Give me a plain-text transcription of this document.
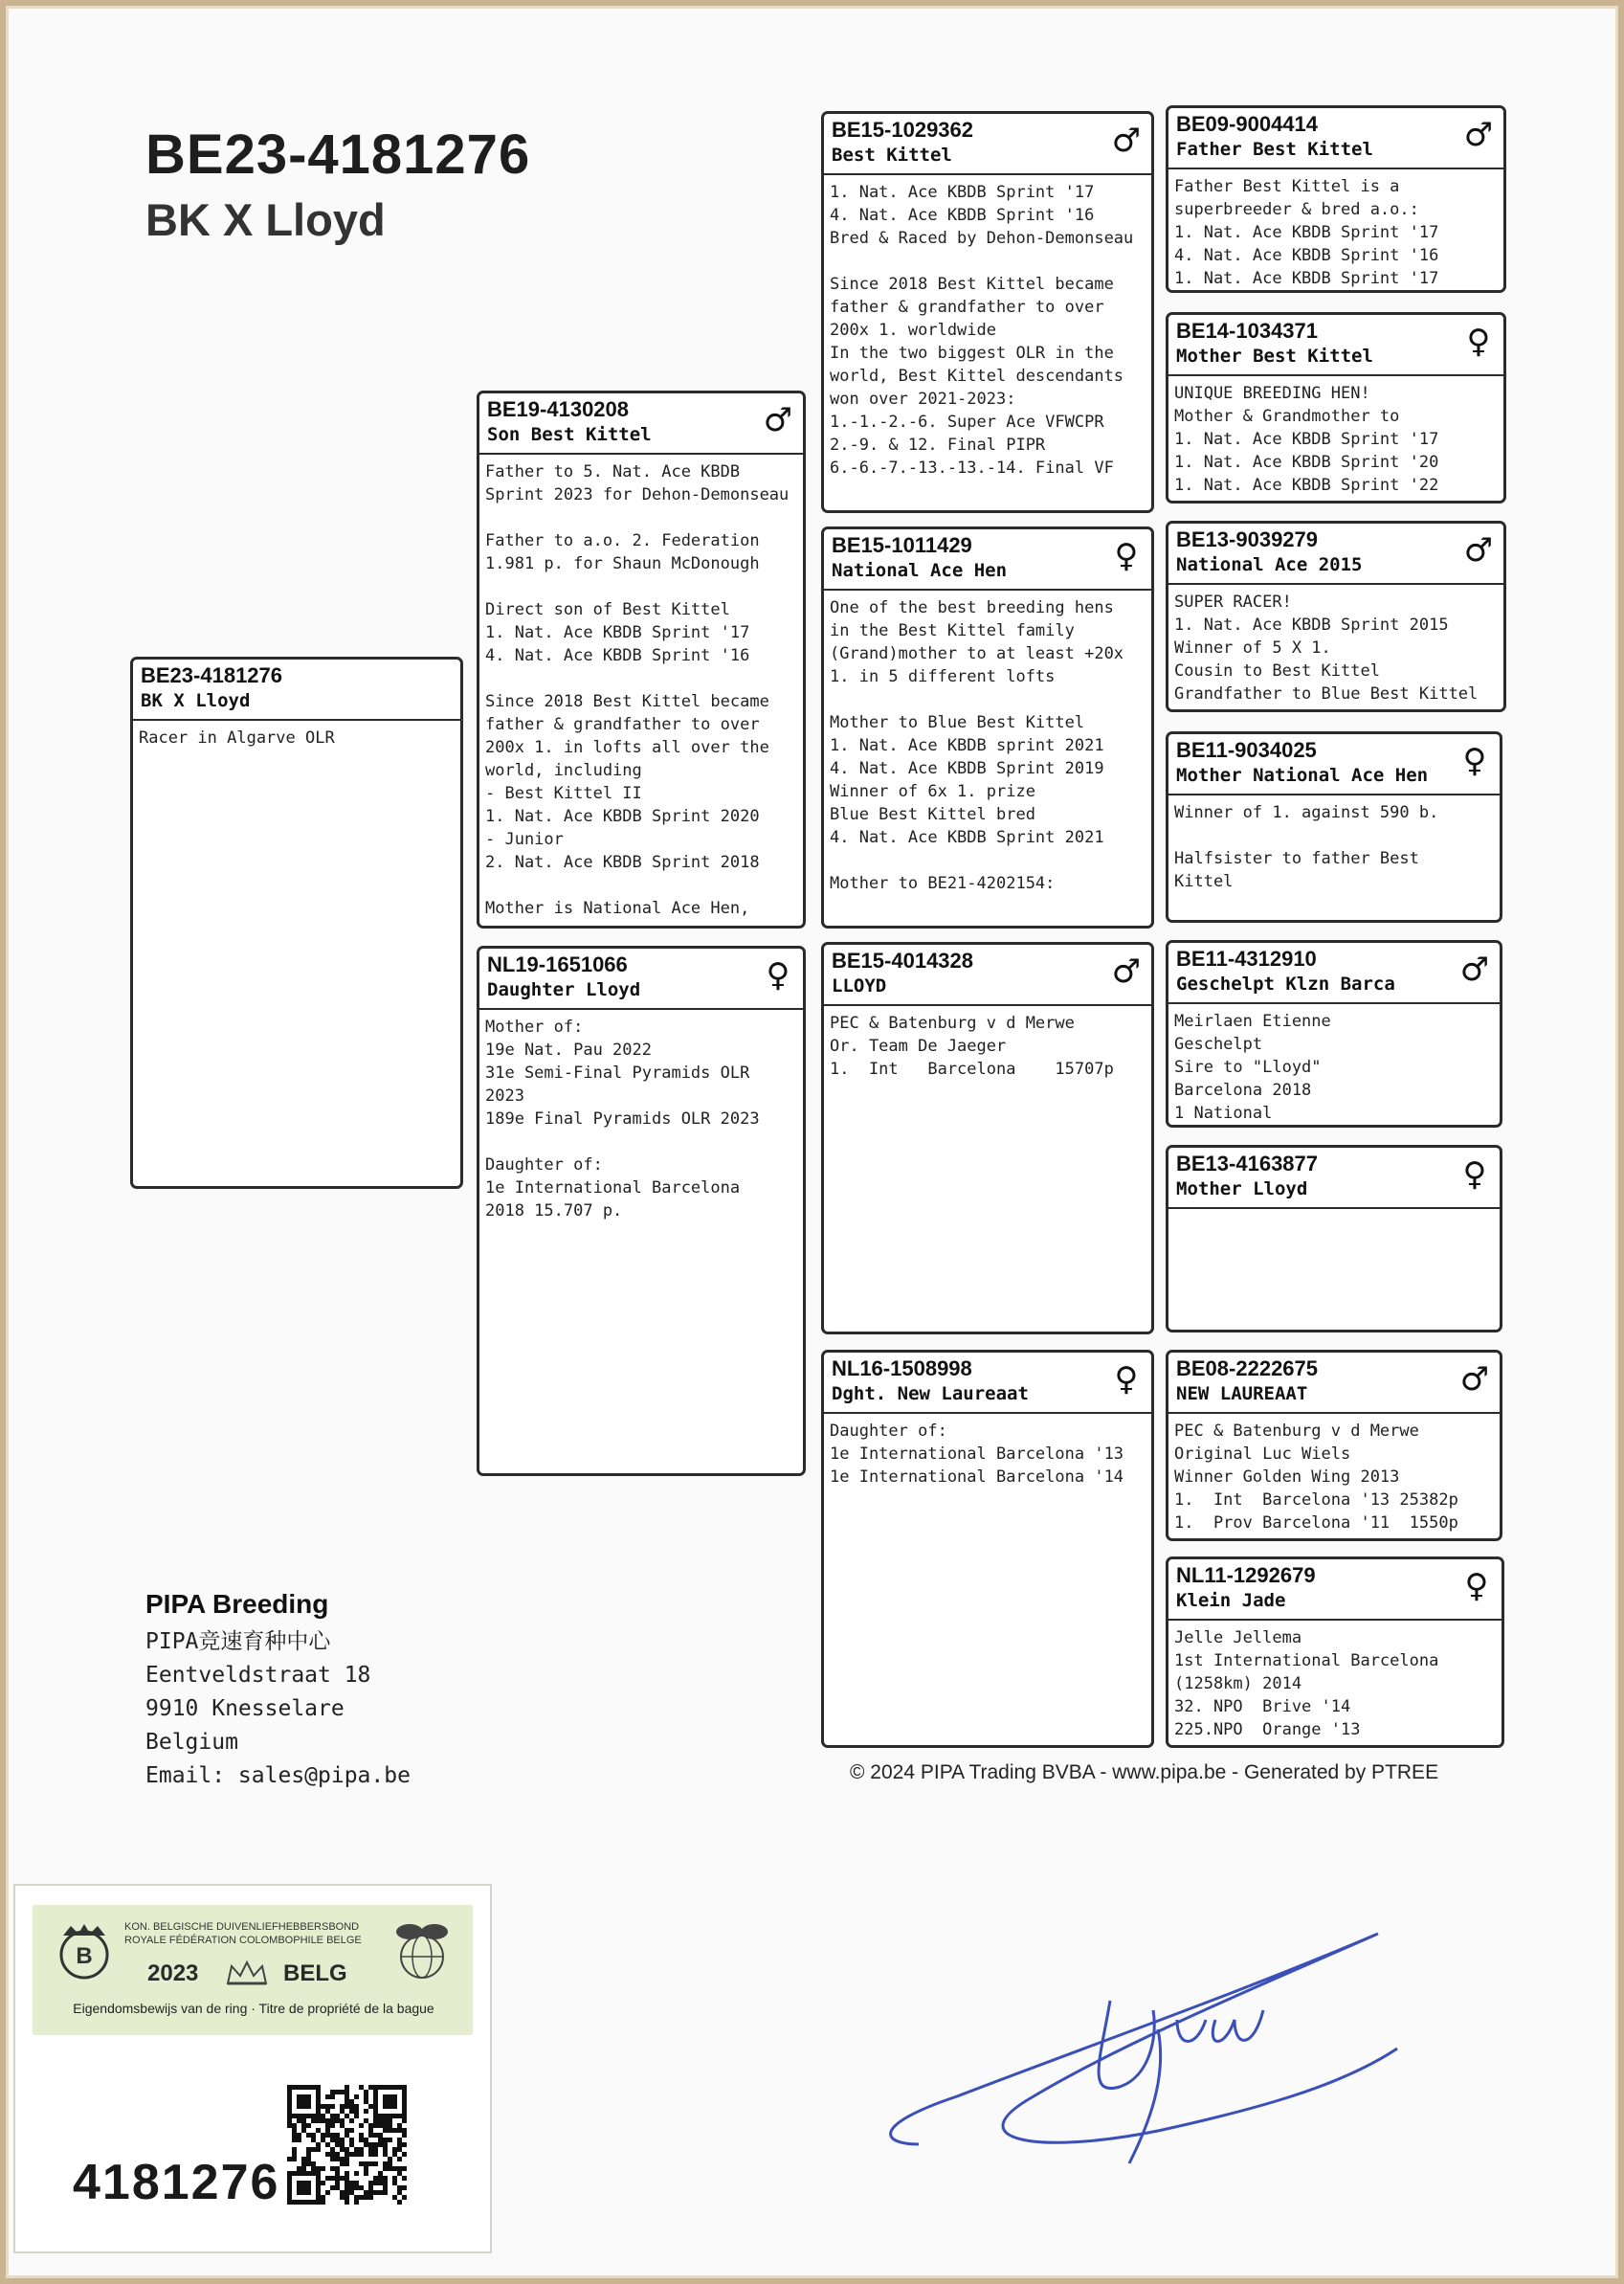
BE23-4181276
BK X Lloyd
BE23-4181276
BK X Lloyd
Racer in Algarve OLR
BE19-4130208
Son Best Kittel	♂
Father to 5. Nat. Ace KBDB
Sprint 2023 for Dehon-Demonseau

Father to a.o. 2. Federation
1.981 p. for Shaun McDonough

Direct son of Best Kittel
1. Nat. Ace KBDB Sprint '17
4. Nat. Ace KBDB Sprint '16

Since 2018 Best Kittel became
father & grandfather to over
200x 1. in lofts all over the
world, including
- Best Kittel II
1. Nat. Ace KBDB Sprint 2020
- Junior
2. Nat. Ace KBDB Sprint 2018

Mother is National Ace Hen,
NL19-1651066
Daughter Lloyd	♀
Mother of:
19e Nat. Pau 2022
31e Semi-Final Pyramids OLR
2023
189e Final Pyramids OLR 2023

Daughter of:
1e International Barcelona
2018 15.707 p.
BE15-1029362
Best Kittel	♂
1. Nat. Ace KBDB Sprint '17
4. Nat. Ace KBDB Sprint '16
Bred & Raced by Dehon-Demonseau

Since 2018 Best Kittel became
father & grandfather to over
200x 1. worldwide
In the two biggest OLR in the
world, Best Kittel descendants
won over 2021-2023:
1.-1.-2.-6. Super Ace VFWCPR
2.-9. & 12. Final PIPR
6.-6.-7.-13.-13.-14. Final VF
BE15-1011429
National Ace Hen	♀
One of the best breeding hens
in the Best Kittel family
(Grand)mother to at least +20x
1. in 5 different lofts

Mother to Blue Best Kittel
1. Nat. Ace KBDB sprint 2021
4. Nat. Ace KBDB Sprint 2019
Winner of 6x 1. prize
Blue Best Kittel bred
4. Nat. Ace KBDB Sprint 2021

Mother to BE21-4202154:
BE15-4014328
LLOYD	♂
PEC & Batenburg v d Merwe
Or. Team De Jaeger
1.  Int   Barcelona    15707p
NL16-1508998
Dght. New Laureaat	♀
Daughter of:
1e International Barcelona '13
1e International Barcelona '14
BE09-9004414
Father Best Kittel	♂
Father Best Kittel is a
superbreeder & bred a.o.:
1. Nat. Ace KBDB Sprint '17
4. Nat. Ace KBDB Sprint '16
1. Nat. Ace KBDB Sprint '17
BE14-1034371
Mother Best Kittel	♀
UNIQUE BREEDING HEN!
Mother & Grandmother to
1. Nat. Ace KBDB Sprint '17
1. Nat. Ace KBDB Sprint '20
1. Nat. Ace KBDB Sprint '22
BE13-9039279
National Ace 2015	♂
SUPER RACER!
1. Nat. Ace KBDB Sprint 2015
Winner of 5 X 1.
Cousin to Best Kittel
Grandfather to Blue Best Kittel
BE11-9034025
Mother National Ace Hen ♀
Winner of 1. against 590 b.

Halfsister to father Best
Kittel
BE11-4312910
Geschelpt Klzn Barca ♂
Meirlaen Etienne
Geschelpt
Sire to "Lloyd"
Barcelona 2018
1 National
BE13-4163877
Mother Lloyd	♀
BE08-2222675
NEW LAUREAAT	♂
PEC & Batenburg v d Merwe
Original Luc Wiels
Winner Golden Wing 2013
1.  Int  Barcelona '13 25382p
1.  Prov Barcelona '11  1550p
NL11-1292679
Klein Jade	♀
Jelle Jellema
1st International Barcelona
(1258km) 2014
32. NPO  Brive '14
225.NPO  Orange '13
PIPA Breeding
PIPA竞速育种中心
Eentveldstraat 18
9910 Knesselare
Belgium
Email: sales@pipa.be	© 2024 PIPA Trading BVBA - www.pipa.be - Generated by PTREE
B
KON. BELGISCHE DUIVENLIEFHEBBERSBOND
ROYALE FÉDÉRATION COLOMBOPHILE BELGE
2023	BELG
Eigendomsbewijs van de ring · Titre de propriété de la bague
4181276
